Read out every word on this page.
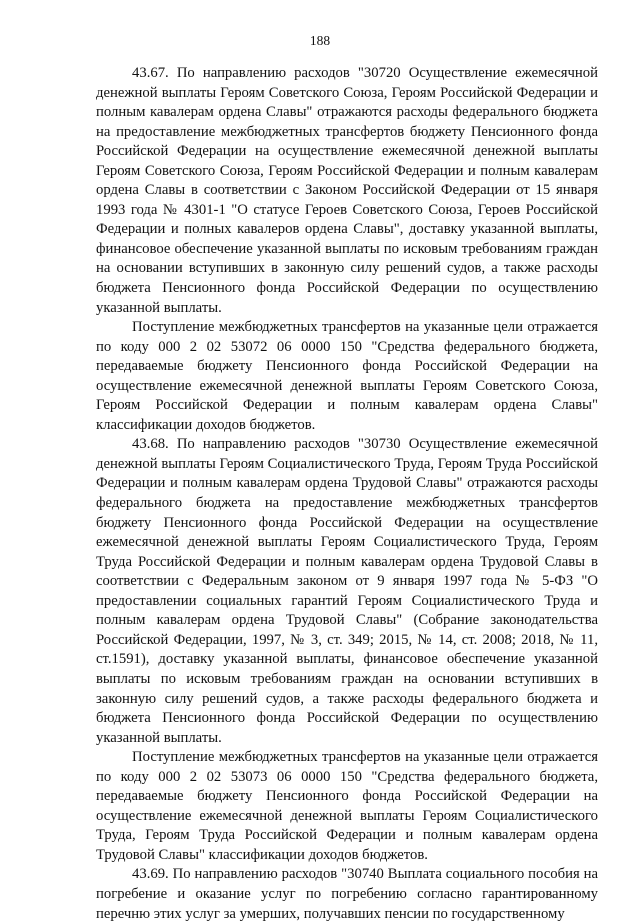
188

43.67. По направлению расходов "30720 Осуществление ежемесячной денежной выплаты Героям Советского Союза, Героям Российской Федерации и полным кавалерам ордена Славы" отражаются расходы федерального бюджета на предоставление межбюджетных трансфертов бюджету Пенсионного фонда Российской Федерации на осуществление ежемесячной денежной выплаты Героям Советского Союза, Героям Российской Федерации и полным кавалерам ордена Славы в соответствии с Законом Российской Федерации от 15 января 1993 года № 4301-1 "О статусе Героев Советского Союза, Героев Российской Федерации и полных кавалеров ордена Славы", доставку указанной выплаты, финансовое обеспечение указанной выплаты по исковым требованиям граждан на основании вступивших в законную силу решений судов, а также расходы бюджета Пенсионного фонда Российской Федерации по осуществлению указанной выплаты.

Поступление межбюджетных трансфертов на указанные цели отражается по коду 000 2 02 53072 06 0000 150 "Средства федерального бюджета, передаваемые бюджету Пенсионного фонда Российской Федерации на осуществление ежемесячной денежной выплаты Героям Советского Союза, Героям Российской Федерации и полным кавалерам ордена Славы" классификации доходов бюджетов.

43.68. По направлению расходов "30730 Осуществление ежемесячной денежной выплаты Героям Социалистического Труда, Героям Труда Российской Федерации и полным кавалерам ордена Трудовой Славы" отражаются расходы федерального бюджета на предоставление межбюджетных трансфертов бюджету Пенсионного фонда Российской Федерации на осуществление ежемесячной денежной выплаты Героям Социалистического Труда, Героям Труда Российской Федерации и полным кавалерам ордена Трудовой Славы в соответствии с Федеральным законом от 9 января 1997 года № 5-ФЗ "О предоставлении социальных гарантий Героям Социалистического Труда и полным кавалерам ордена Трудовой Славы" (Собрание законодательства Российской Федерации, 1997, № 3, ст. 349; 2015, № 14, ст. 2008; 2018, № 11, ст.1591), доставку указанной выплаты, финансовое обеспечение указанной выплаты по исковым требованиям граждан на основании вступивших в законную силу решений судов, а также расходы федерального бюджета и бюджета Пенсионного фонда Российской Федерации по осуществлению указанной выплаты.

Поступление межбюджетных трансфертов на указанные цели отражается по коду 000 2 02 53073 06 0000 150 "Средства федерального бюджета, передаваемые бюджету Пенсионного фонда Российской Федерации на осуществление ежемесячной денежной выплаты Героям Социалистического Труда, Героям Труда Российской Федерации и полным кавалерам ордена Трудовой Славы" классификации доходов бюджетов.

43.69. По направлению расходов "30740 Выплата социального пособия на погребение и оказание услуг по погребению согласно гарантированному перечню этих услуг за умерших, получавших пенсии по государственному
